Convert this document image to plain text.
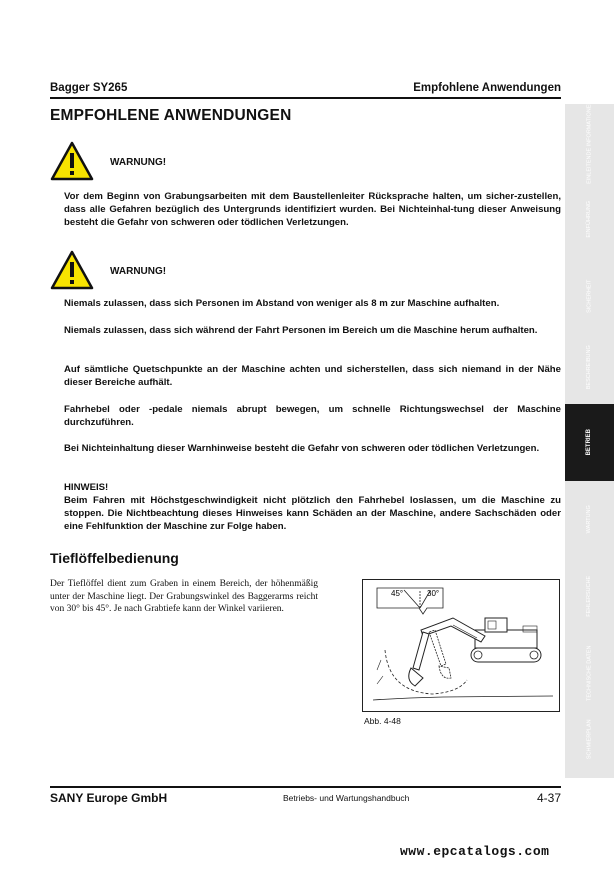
Bagger SY265	Empfohlene Anwendungen
EMPFOHLENE ANWENDUNGEN
WARNUNG!
Vor dem Beginn von Grabungsarbeiten mit dem Baustellenleiter Rücksprache halten, um sicher-zustellen, dass alle Gefahren bezüglich des Untergrunds identifiziert wurden. Bei Nichteinhal-tung dieser Anweisung besteht die Gefahr von schweren oder tödlichen Verletzungen.
WARNUNG!
Niemals zulassen, dass sich Personen im Abstand von weniger als 8 m zur Maschine aufhalten.
Niemals zulassen, dass sich während der Fahrt Personen im Bereich um die Maschine herum aufhalten.
Auf sämtliche Quetschpunkte an der Maschine achten und sicherstellen, dass sich niemand in der Nähe dieser Bereiche aufhält.
Fahrhebel oder -pedale niemals abrupt bewegen, um schnelle Richtungswechsel der Maschine durchzuführen.
Bei Nichteinhaltung dieser Warnhinweise besteht die Gefahr von schweren oder tödlichen Verletzungen.
HINWEIS!
Beim Fahren mit Höchstgeschwindigkeit nicht plötzlich den Fahrhebel loslassen, um die Maschine zu stoppen. Die Nichtbeachtung dieses Hinweises kann Schäden an der Maschine, andere Sachschäden oder eine Fehlfunktion der Maschine zur Folge haben.
Tieflöffelbedienung
Der Tieflöffel dient zum Graben in einem Bereich, der höhenmäßig unter der Maschine liegt. Der Grabungswinkel des Baggerarms reicht von 30° bis 45°. Je nach Grabtiefe kann der Winkel variieren.
45°	30°
Abb. 4-48
SANY Europe GmbH	Betriebs- und Wartungshandbuch	4-37
www.epcatalogs.com
EINLEITENDE INFORMATIONEN
EINFÜHRUNG
SICHERHEIT
BESCHREIBUNG
BETRIEB
WARTUNG
FEHLERSUCHE
TECHNISCHE DATEN
SCHMIERPLAN
